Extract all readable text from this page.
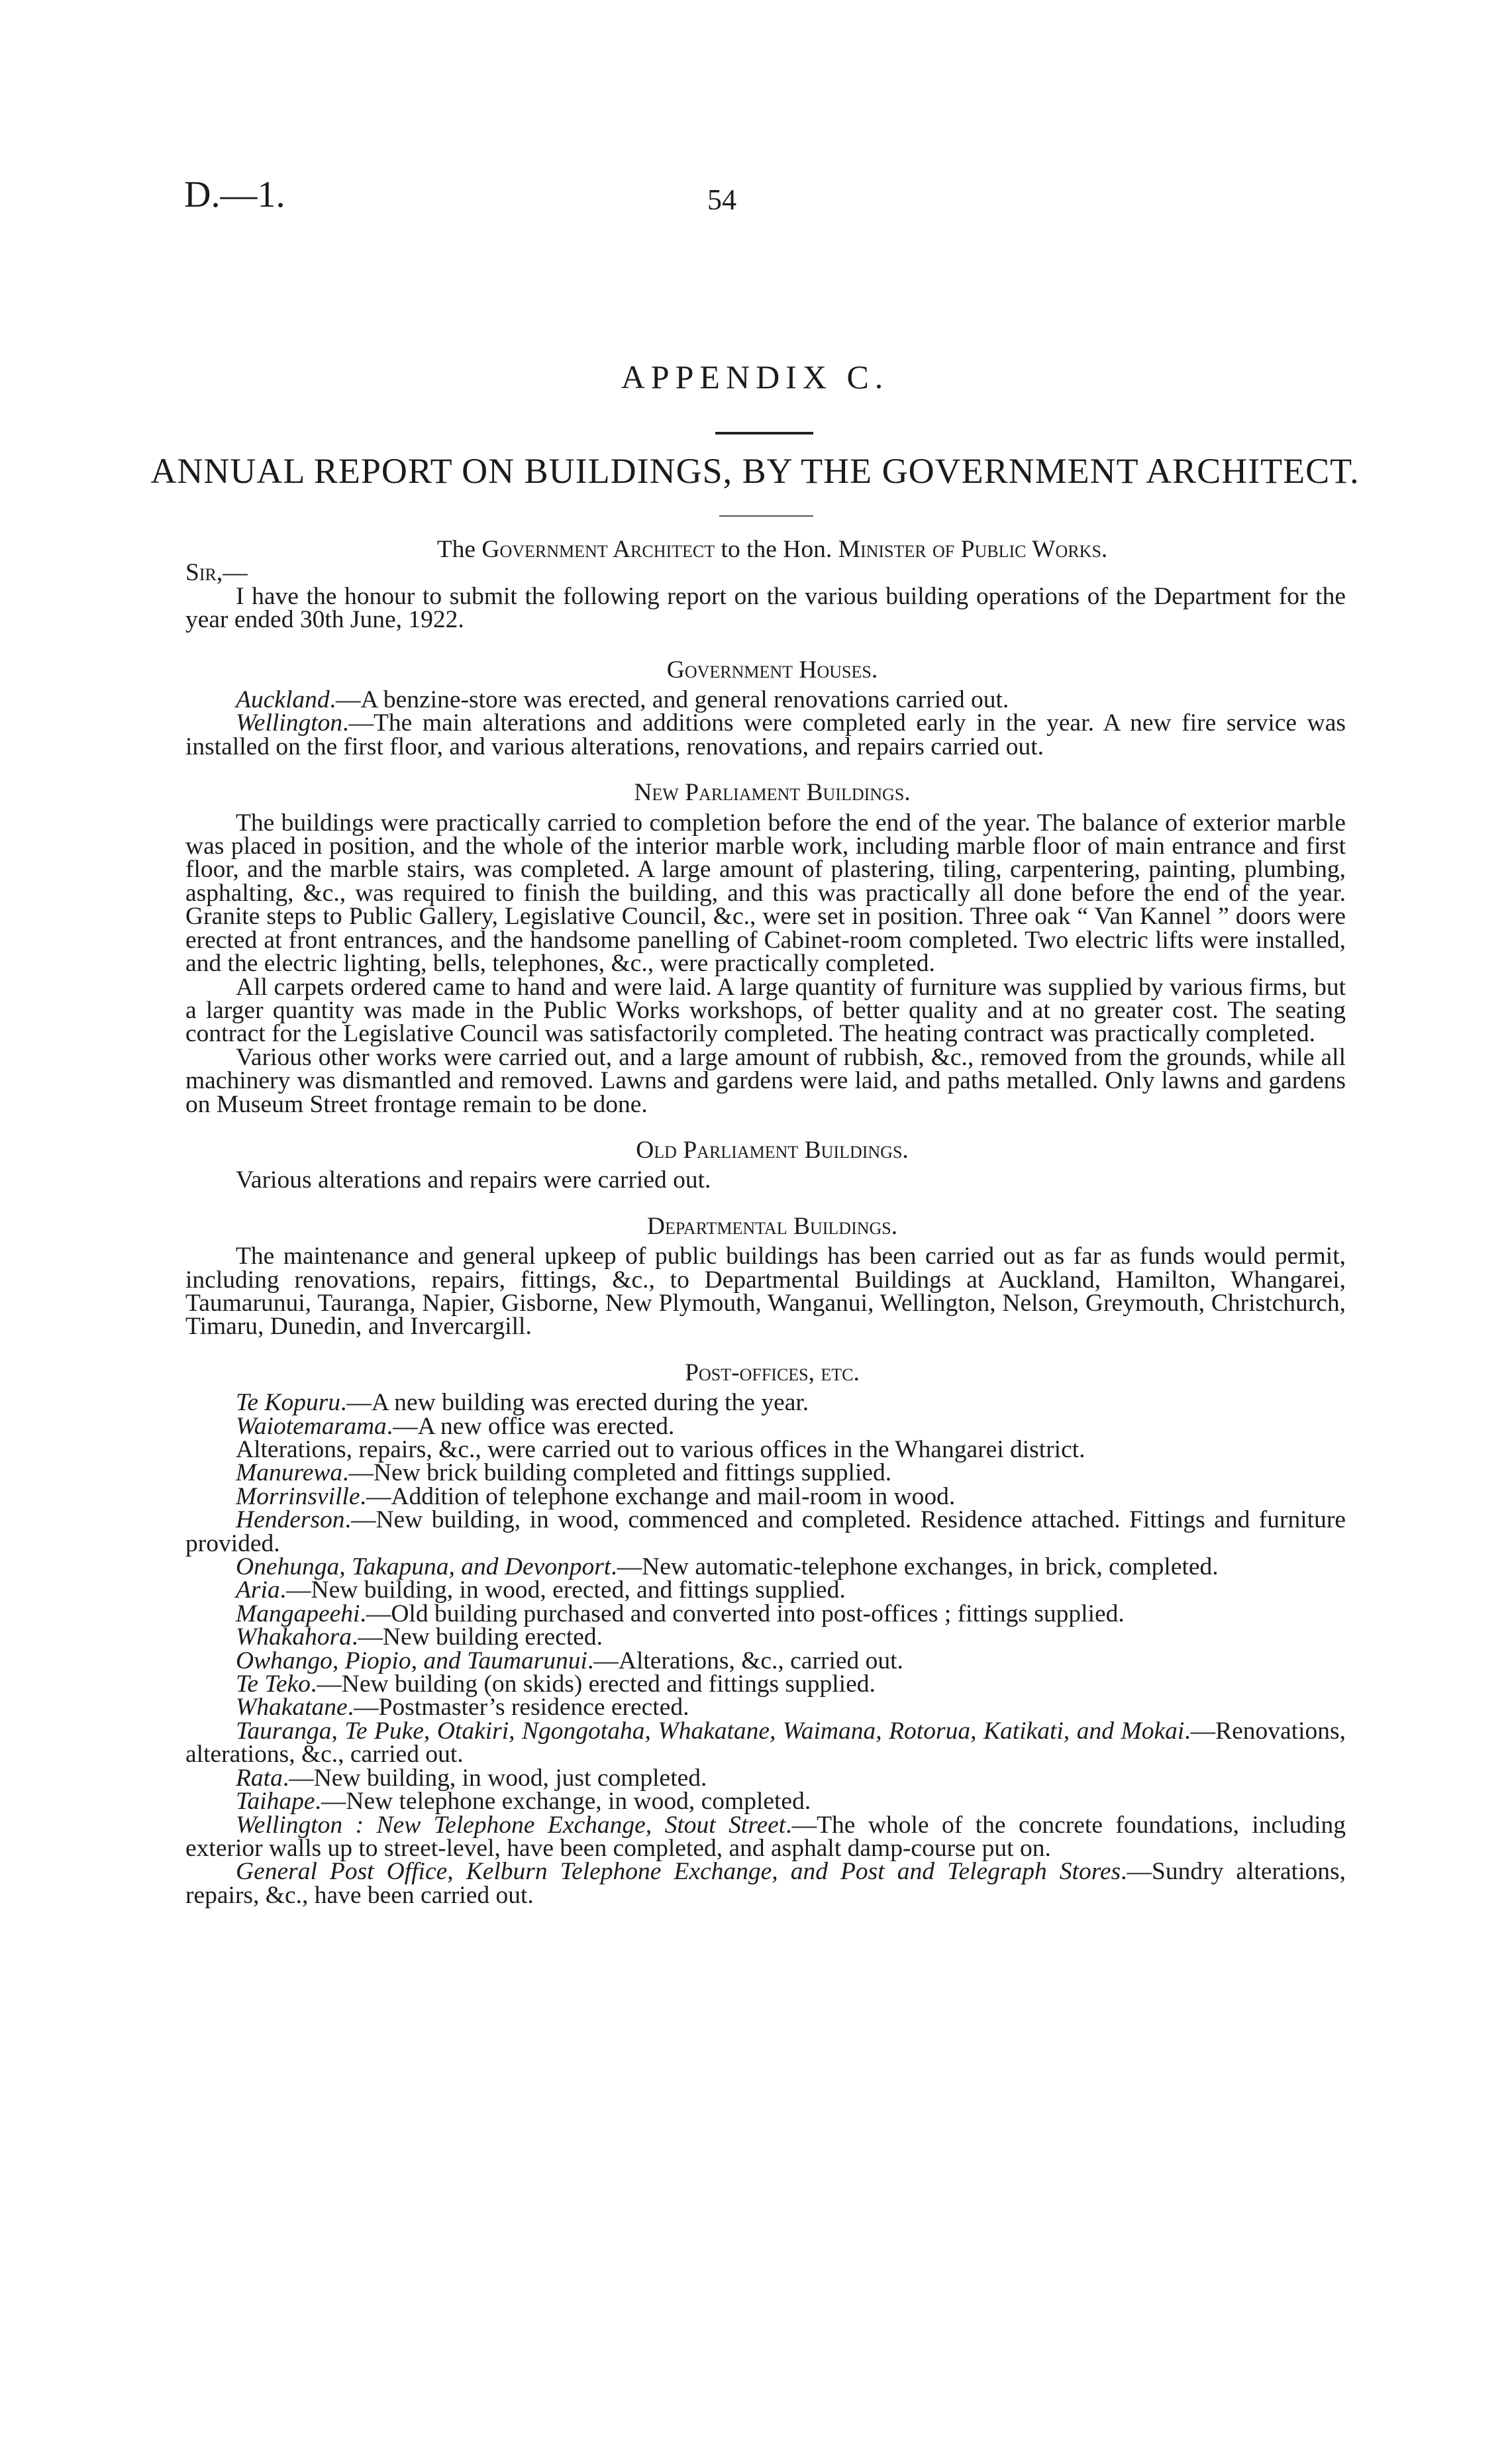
D.—1.	54
APPENDIX C.
ANNUAL REPORT ON BUILDINGS, BY THE GOVERNMENT ARCHITECT.
The Government Architect to the Hon. Minister of Public Works.
Sir,—

I have the honour to submit the following report on the various building operations of the Department for the year ended 30th June, 1922.

Government Houses.

Auckland.—A benzine-store was erected, and general renovations carried out.

Wellington.—The main alterations and additions were completed early in the year. A new fire service was installed on the first floor, and various alterations, renovations, and repairs carried out.

New Parliament Buildings.

The buildings were practically carried to completion before the end of the year. The balance of exterior marble was placed in position, and the whole of the interior marble work, including marble floor of main entrance and first floor, and the marble stairs, was completed. A large amount of plastering, tiling, carpentering, painting, plumbing, asphalting, &c., was required to finish the building, and this was practically all done before the end of the year. Granite steps to Public Gallery, Legislative Council, &c., were set in position. Three oak “ Van Kannel ” doors were erected at front entrances, and the handsome panelling of Cabinet-room completed. Two electric lifts were installed, and the electric lighting, bells, telephones, &c., were practically completed.

All carpets ordered came to hand and were laid. A large quantity of furniture was supplied by various firms, but a larger quantity was made in the Public Works workshops, of better quality and at no greater cost. The seating contract for the Legislative Council was satisfactorily completed. The heating contract was practically completed.

Various other works were carried out, and a large amount of rubbish, &c., removed from the grounds, while all machinery was dismantled and removed. Lawns and gardens were laid, and paths metalled. Only lawns and gardens on Museum Street frontage remain to be done.

Old Parliament Buildings.

Various alterations and repairs were carried out.

Departmental Buildings.

The maintenance and general upkeep of public buildings has been carried out as far as funds would permit, including renovations, repairs, fittings, &c., to Departmental Buildings at Auckland, Hamilton, Whangarei, Taumarunui, Tauranga, Napier, Gisborne, New Plymouth, Wanganui, Wellington, Nelson, Greymouth, Christchurch, Timaru, Dunedin, and Invercargill.

Post-offices, etc.

Te Kopuru.—A new building was erected during the year.

Waiotemarama.—A new office was erected.

Alterations, repairs, &c., were carried out to various offices in the Whangarei district.

Manurewa.—New brick building completed and fittings supplied.

Morrinsville.—Addition of telephone exchange and mail-room in wood.

Henderson.—New building, in wood, commenced and completed. Residence attached. Fittings and furniture provided.

Onehunga, Takapuna, and Devonport.—New automatic-telephone exchanges, in brick, completed.

Aria.—New building, in wood, erected, and fittings supplied.

Mangapeehi.—Old building purchased and converted into post-offices ; fittings supplied.

Whakahora.—New building erected.

Owhango, Piopio, and Taumarunui.—Alterations, &c., carried out.

Te Teko.—New building (on skids) erected and fittings supplied.

Whakatane.—Postmaster’s residence erected.

Tauranga, Te Puke, Otakiri, Ngongotaha, Whakatane, Waimana, Rotorua, Katikati, and Mokai.—Renovations, alterations, &c., carried out.

Rata.—New building, in wood, just completed.

Taihape.—New telephone exchange, in wood, completed.

Wellington : New Telephone Exchange, Stout Street.—The whole of the concrete foundations, including exterior walls up to street-level, have been completed, and asphalt damp-course put on.

General Post Office, Kelburn Telephone Exchange, and Post and Telegraph Stores.—Sundry alterations, repairs, &c., have been carried out.
